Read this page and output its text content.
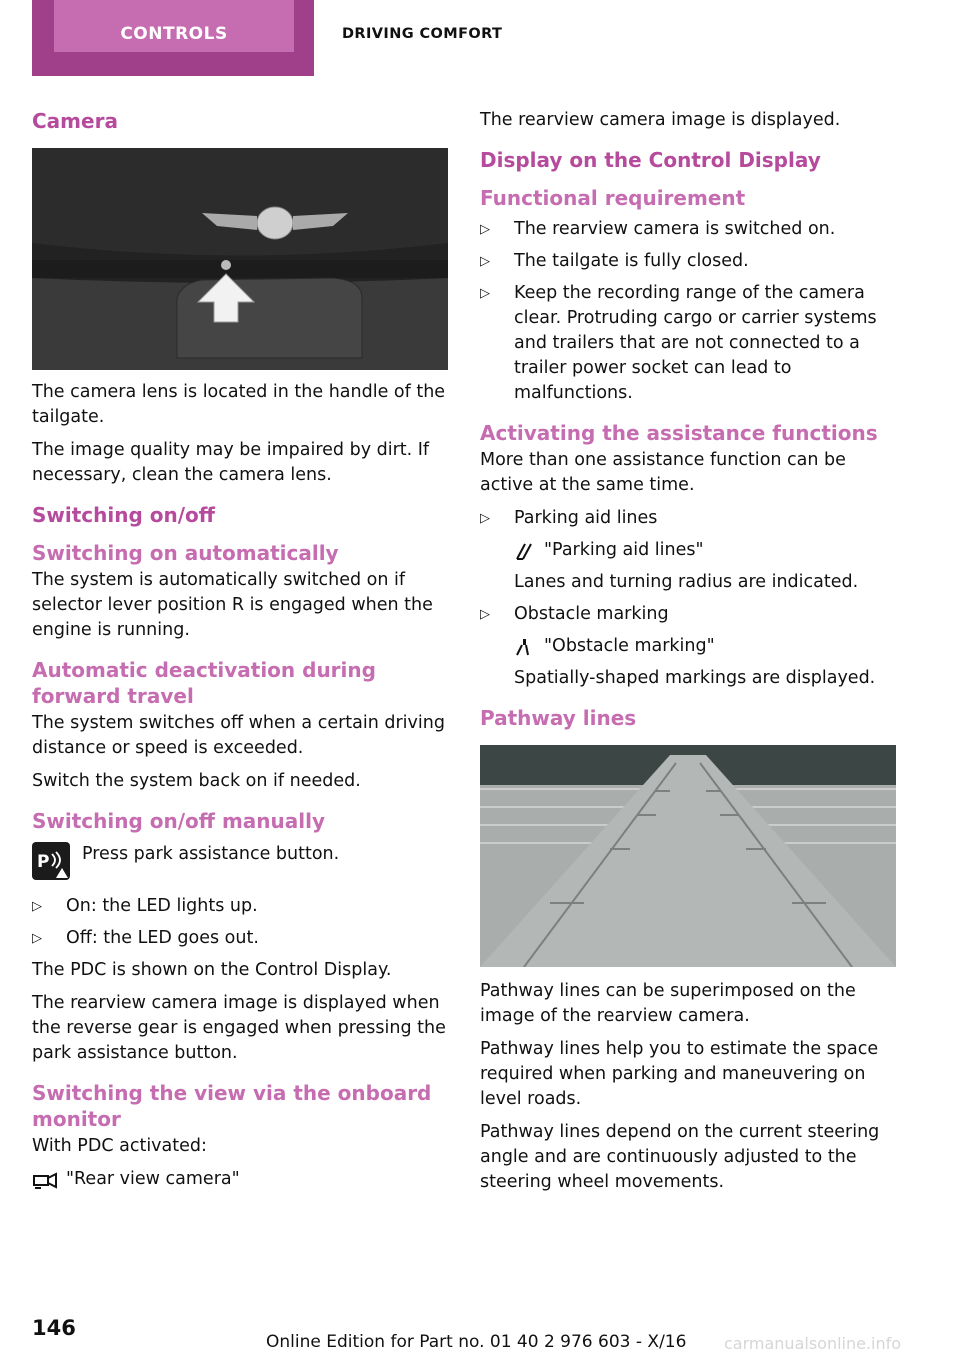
CONTROLS	DRIVING COMFORT
Camera

The camera lens is located in the handle of the tailgate.

The image quality may be impaired by dirt. If necessary, clean the camera lens.

Switching on/off
Switching on automatically

The system is automatically switched on if selector lever position R is engaged when the engine is running.

Automatic deactivation during forward travel

The system switches off when a certain driving distance or speed is exceeded.

Switch the system back on if needed.

Switching on/off manually
P Press park assistance button.

▷ On: the LED lights up.
▷ Off: the LED goes out.

The PDC is shown on the Control Display.

The rearview camera image is displayed when the reverse gear is engaged when pressing the park assistance button.

Switching the view via the onboard monitor

With PDC activated:

"Rear view camera"

The rearview camera image is displayed.

Display on the Control Display
Functional requirement
▷ The rearview camera is switched on.
▷ The tailgate is fully closed.
▷ Keep the recording range of the camera clear. Protruding cargo or carrier systems and trailers that are not connected to a trailer power socket can lead to malfunctions.
Activating the assistance functions

More than one assistance function can be active at the same time.

▷ Parking aid lines
"Parking aid lines"
Lanes and turning radius are indicated.
▷ Obstacle marking
"Obstacle marking"
Spatially-shaped markings are displayed.
Pathway lines

Pathway lines can be superimposed on the image of the rearview camera.

Pathway lines help you to estimate the space required when parking and maneuvering on level roads.

Pathway lines depend on the current steering angle and are continuously adjusted to the steering wheel movements.

146
Online Edition for Part no. 01 40 2 976 603 - X/16 carmanualsonline.info
